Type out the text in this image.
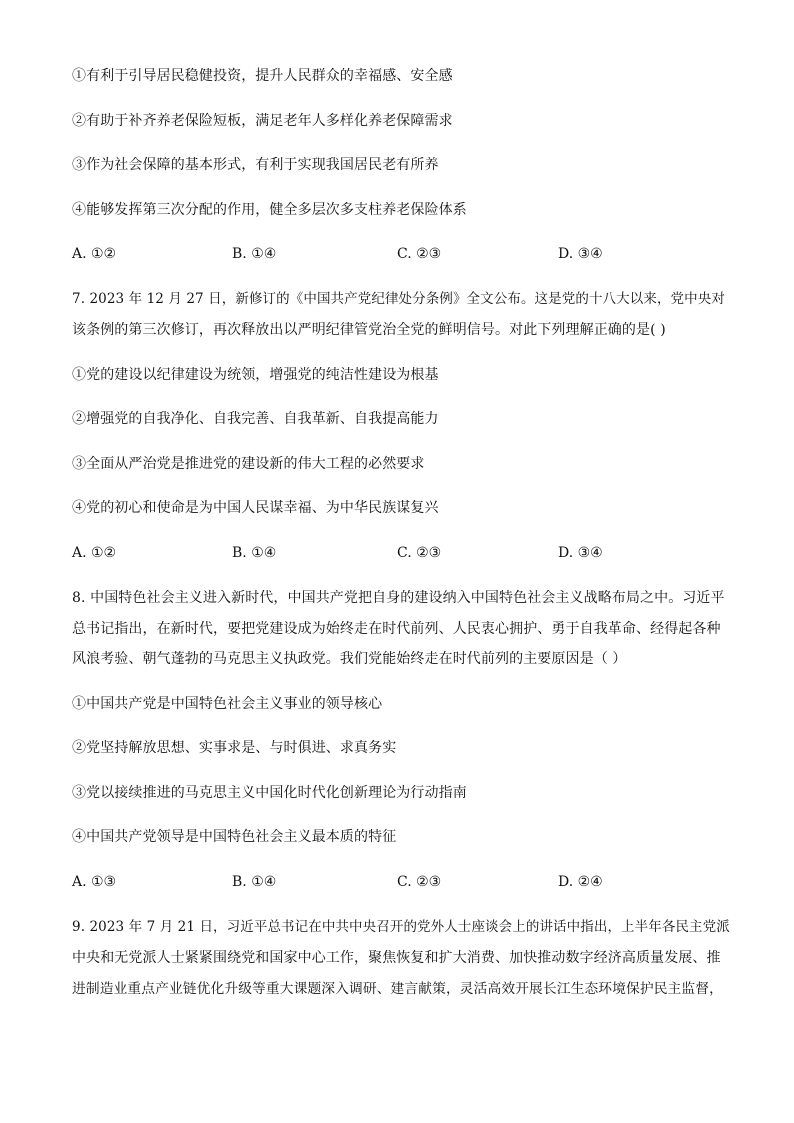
①有利于引导居民稳健投资，提升人民群众的幸福感、安全感
②有助于补齐养老保险短板，满足老年人多样化养老保障需求
③作为社会保障的基本形式，有利于实现我国居民老有所养
④能够发挥第三次分配的作用，健全多层次多支柱养老保险体系
A. ①②	B. ①④	C. ②③	D. ③④
7. 2023 年 12 月 27 日，新修订的《中国共产党纪律处分条例》全文公布。这是党的十八大以来，党中央对
该条例的第三次修订，再次释放出以严明纪律管党治全党的鲜明信号。对此下列理解正确的是( )
①党的建设以纪律建设为统领，增强党的纯洁性建设为根基
②增强党的自我净化、自我完善、自我革新、自我提高能力
③全面从严治党是推进党的建设新的伟大工程的必然要求
④党的初心和使命是为中国人民谋幸福、为中华民族谋复兴
A. ①②	B. ①④	C. ②③	D. ③④
8. 中国特色社会主义进入新时代，中国共产党把自身的建设纳入中国特色社会主义战略布局之中。习近平
总书记指出，在新时代，要把党建设成为始终走在时代前列、人民衷心拥护、勇于自我革命、经得起各种
风浪考验、朝气蓬勃的马克思主义执政党。我们党能始终走在时代前列的主要原因是（ ）
①中国共产党是中国特色社会主义事业的领导核心
②党坚持解放思想、实事求是、与时俱进、求真务实
③党以接续推进的马克思主义中国化时代化创新理论为行动指南
④中国共产党领导是中国特色社会主义最本质的特征
A. ①③	B. ①④	C. ②③	D. ②④
9. 2023 年 7 月 21 日，习近平总书记在中共中央召开的党外人士座谈会上的讲话中指出，上半年各民主党派
中央和无党派人士紧紧围绕党和国家中心工作，聚焦恢复和扩大消费、加快推动数字经济高质量发展、推
进制造业重点产业链优化升级等重大课题深入调研、建言献策，灵活高效开展长江生态环境保护民主监督，
